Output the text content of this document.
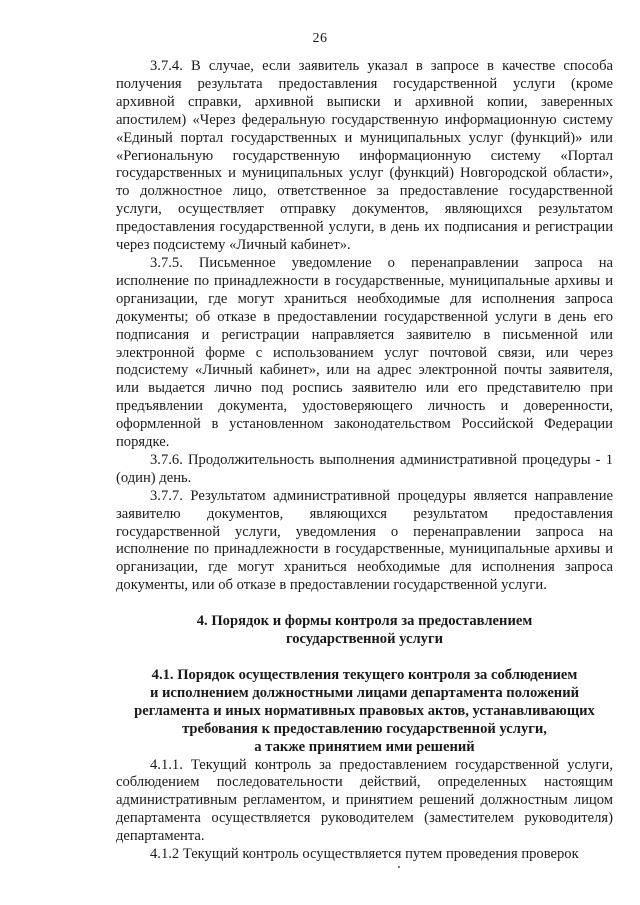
26

3.7.4. В случае, если заявитель указал в запросе в качестве способа получения результата предоставления государственной услуги (кроме архивной справки, архивной выписки и архивной копии, заверенных апостилем) «Через федеральную государственную информационную систему «Единый портал государственных и муниципальных услуг (функций)» или «Региональную государственную информационную систему «Портал государственных и муниципальных услуг (функций) Новгородской области», то должностное лицо, ответственное за предоставление государственной услуги, осуществляет отправку документов, являющихся результатом предоставления государственной услуги, в день их подписания и регистрации через подсистему «Личный кабинет».

3.7.5. Письменное уведомление о перенаправлении запроса на исполнение по принадлежности в государственные, муниципальные архивы и организации, где могут храниться необходимые для исполнения запроса документы; об отказе в предоставлении государственной услуги в день его подписания и регистрации направляется заявителю в письменной или электронной форме с использованием услуг почтовой связи, или через подсистему «Личный кабинет», или на адрес электронной почты заявителя, или выдается лично под роспись заявителю или его представителю при предъявлении документа, удостоверяющего личность и доверенности, оформленной в установленном законодательством Российской Федерации порядке.

3.7.6. Продолжительность выполнения административной процедуры - 1 (один) день.

3.7.7. Результатом административной процедуры является направление заявителю документов, являющихся результатом предоставления государственной услуги, уведомления о перенаправлении запроса на исполнение по принадлежности в государственные, муниципальные архивы и организации, где могут храниться необходимые для исполнения запроса документы, или об отказе в предоставлении государственной услуги.

4. Порядок и формы контроля за предоставлением

государственной услуги

4.1. Порядок осуществления текущего контроля за соблюдением

и исполнением должностными лицами департамента положений

регламента и иных нормативных правовых актов, устанавливающих

требования к предоставлению государственной услуги,

а также принятием ими решений

4.1.1. Текущий контроль за предоставлением государственной услуги, соблюдением последовательности действий, определенных настоящим административным регламентом, и принятием решений должностным лицом департамента осуществляется руководителем (заместителем руководителя) департамента.

4.1.2 Текущий контроль осуществляется путем проведения проверок
